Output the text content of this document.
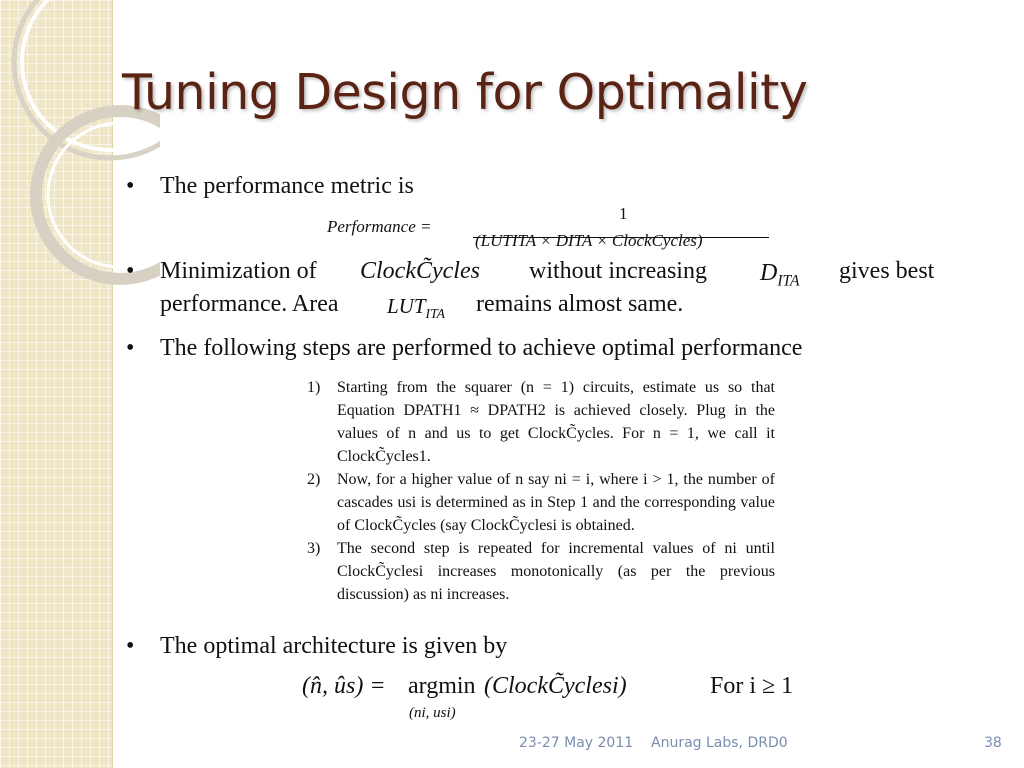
Tuning Design for Optimality
• The performance metric is
Performance =
1
(LUTITA × DITA × ClockCycles)
• Minimization of ClockC̃ycles without increasing $D_{ITA}$ gives best
performance. Area $LUT_{ITA}$ remains almost same.
• The following steps are performed to achieve optimal performance
1) Starting from the squarer (n = 1) circuits, estimate us so that Equation DPATH1 ≈ DPATH2 is achieved closely. Plug in the values of n and us to get ClockC̃ycles. For n = 1, we call it ClockC̃ycles1.
2) Now, for a higher value of n say ni = i, where i > 1, the number of cascades usi is determined as in Step 1 and the corresponding value of ClockC̃ycles (say ClockC̃yclesi is obtained.
3) The second step is repeated for incremental values of ni until ClockC̃yclesi increases monotonically (as per the previous discussion) as ni increases.
• The optimal architecture is given by
(n̂, ûs) = argmin (ClockC̃yclesi)
(ni, usi)
For i ≥ 1
23-27 May 2011 Anurag Labs, DRD0	38
